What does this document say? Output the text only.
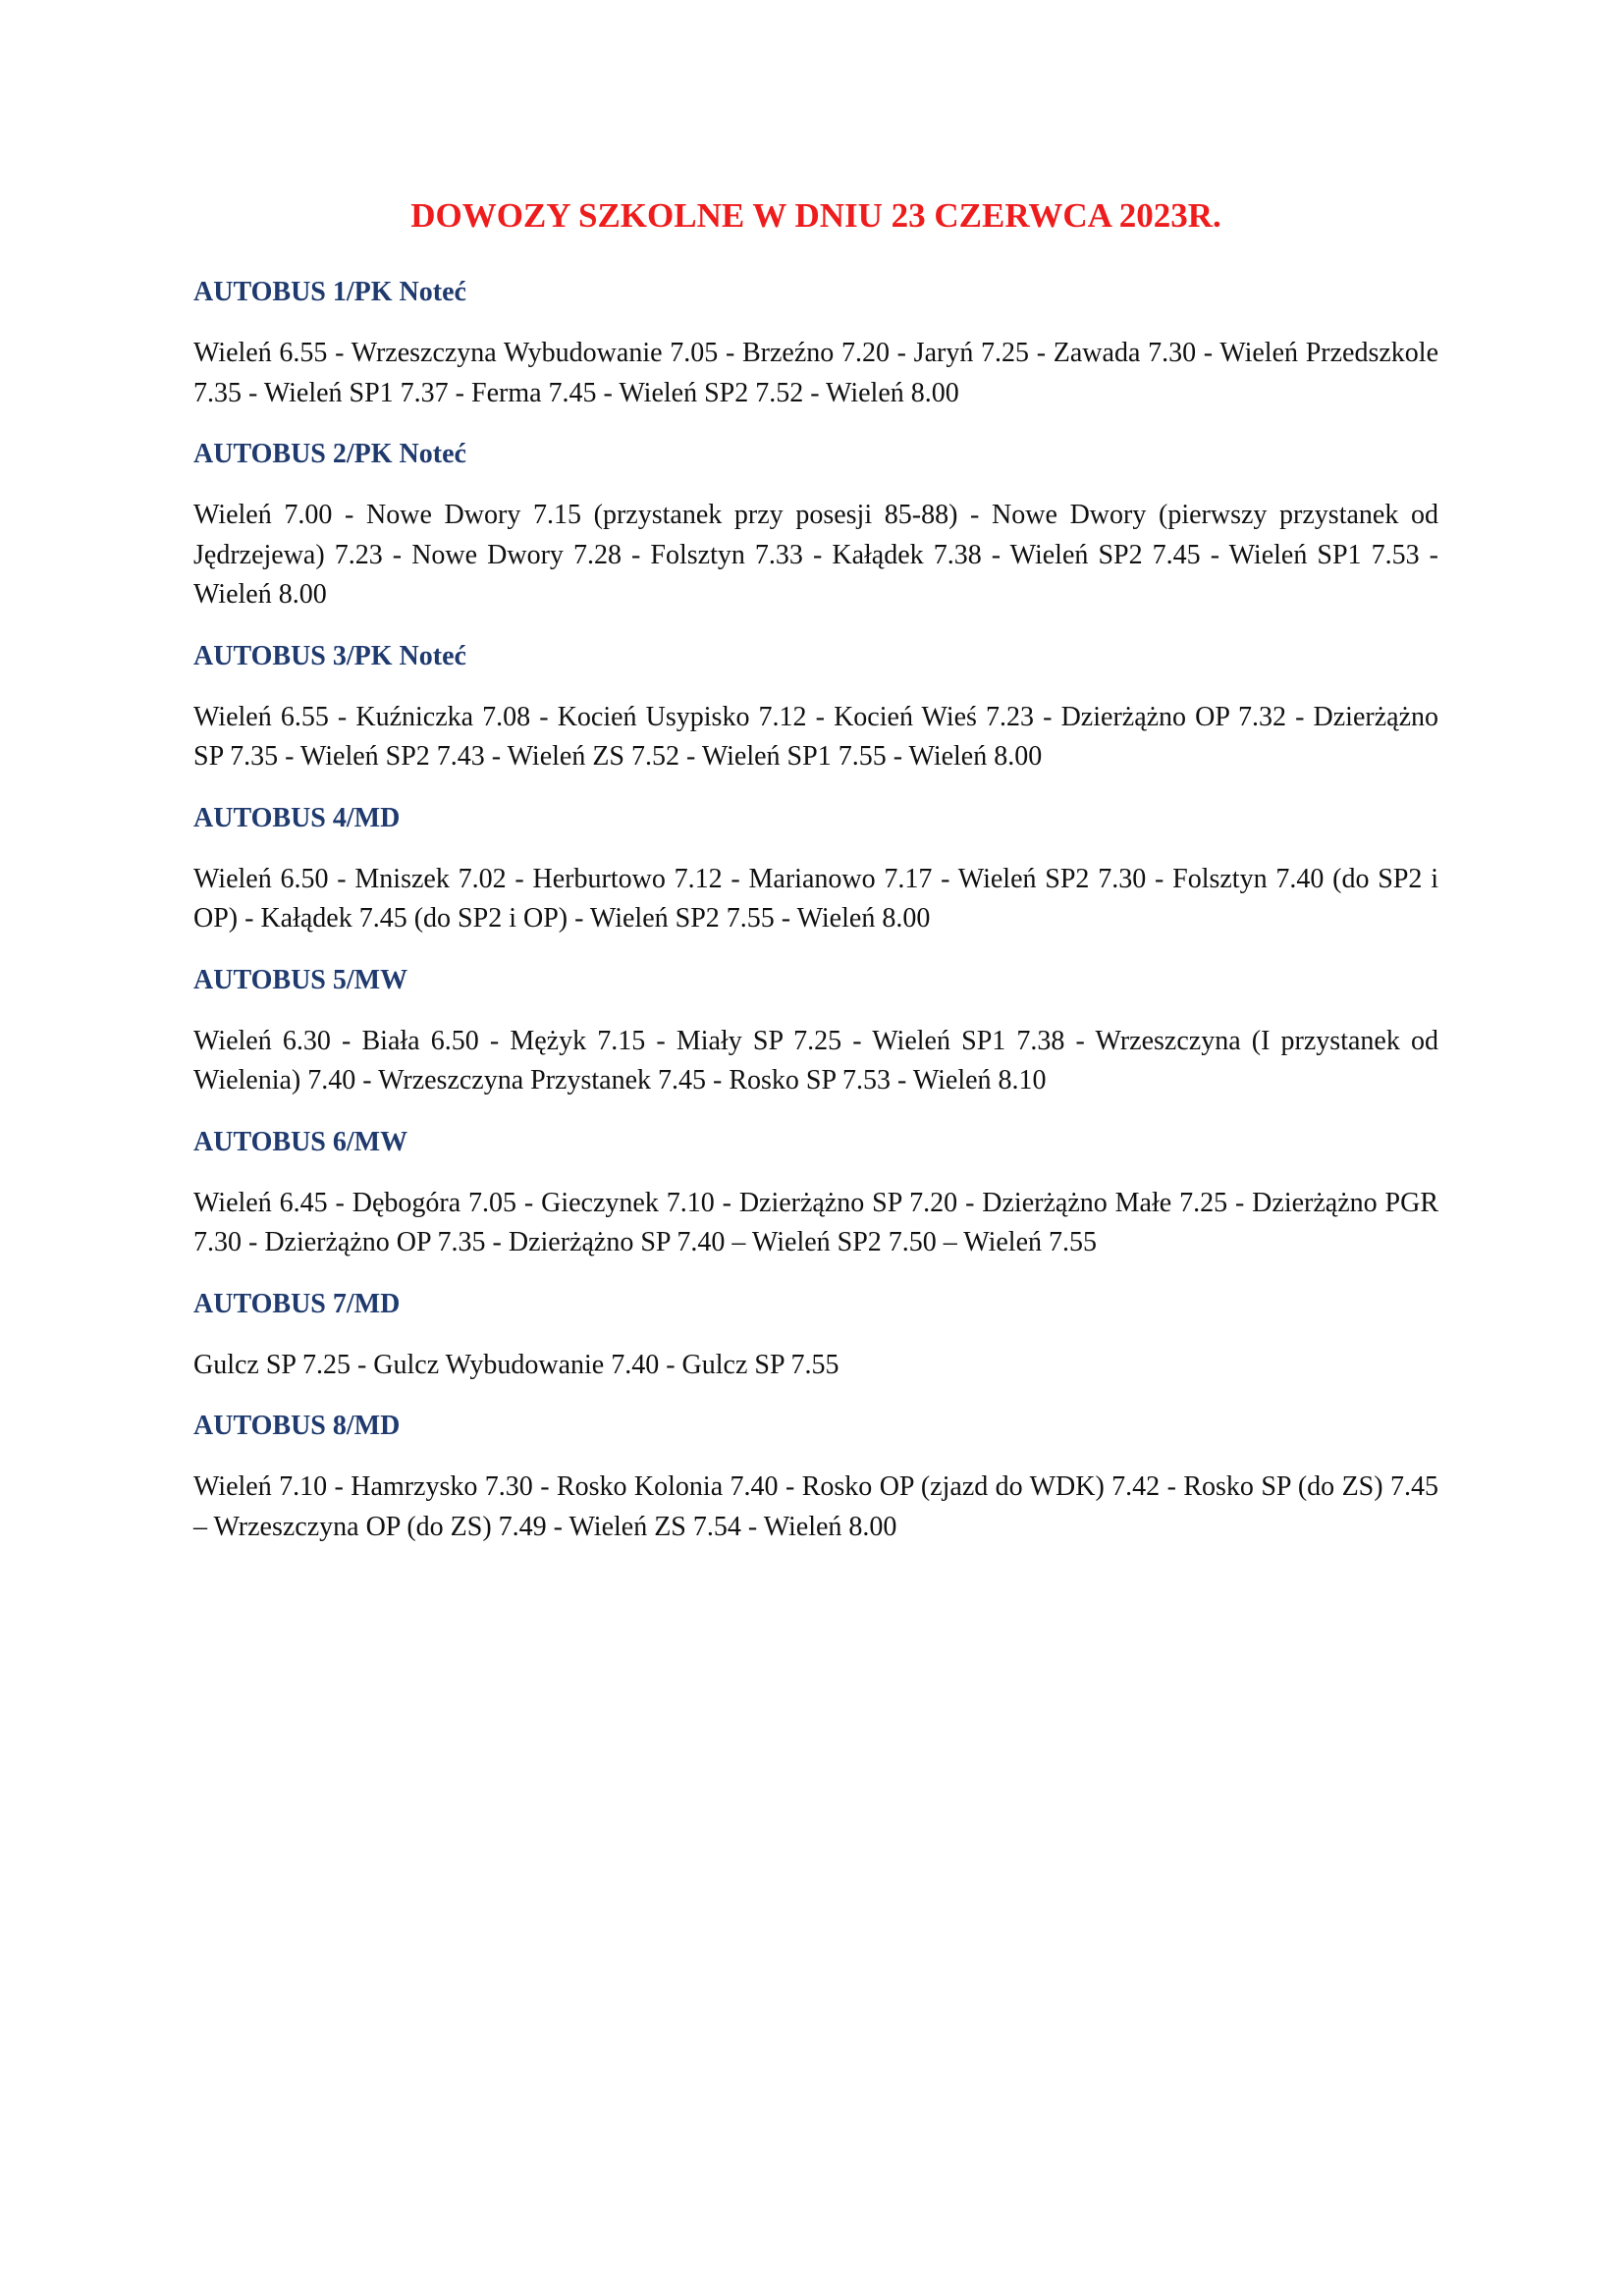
DOWOZY SZKOLNE W DNIU 23 CZERWCA 2023R.
AUTOBUS 1/PK Noteć

Wieleń 6.55 - Wrzeszczyna Wybudowanie 7.05 - Brzeźno 7.20 - Jaryń 7.25 - Zawada 7.30 - Wieleń Przedszkole 7.35 - Wieleń SP1 7.37 - Ferma 7.45 - Wieleń SP2 7.52 - Wieleń 8.00

AUTOBUS 2/PK Noteć

Wieleń 7.00 - Nowe Dwory 7.15 (przystanek przy posesji 85-88) - Nowe Dwory (pierwszy przystanek od Jędrzejewa) 7.23 - Nowe Dwory 7.28 - Folsztyn 7.33 - Kałądek 7.38 - Wieleń SP2 7.45 - Wieleń SP1 7.53 - Wieleń 8.00

AUTOBUS 3/PK Noteć

Wieleń 6.55 - Kuźniczka 7.08 - Kocień Usypisko 7.12 - Kocień Wieś 7.23 - Dzierżążno OP 7.32 - Dzierżążno SP 7.35 - Wieleń SP2 7.43 - Wieleń ZS 7.52 - Wieleń SP1 7.55 - Wieleń 8.00

AUTOBUS 4/MD

Wieleń 6.50 - Mniszek 7.02 - Herburtowo 7.12 - Marianowo 7.17 - Wieleń SP2 7.30 - Folsztyn 7.40 (do SP2 i OP) - Kałądek 7.45 (do SP2 i OP) - Wieleń SP2 7.55 - Wieleń 8.00

AUTOBUS 5/MW

Wieleń 6.30 - Biała 6.50 - Mężyk 7.15 - Miały SP 7.25 - Wieleń SP1 7.38 - Wrzeszczyna (I przystanek od Wielenia) 7.40 - Wrzeszczyna Przystanek 7.45 - Rosko SP 7.53 - Wieleń 8.10

AUTOBUS 6/MW

Wieleń 6.45 - Dębogóra 7.05 - Gieczynek 7.10 - Dzierżążno SP 7.20 - Dzierżążno Małe 7.25 - Dzierżążno PGR 7.30 - Dzierżążno OP 7.35 - Dzierżążno SP 7.40 – Wieleń SP2 7.50 – Wieleń 7.55

AUTOBUS 7/MD

Gulcz SP 7.25 - Gulcz Wybudowanie 7.40 - Gulcz SP 7.55

AUTOBUS 8/MD

Wieleń 7.10 - Hamrzysko 7.30 - Rosko Kolonia 7.40 - Rosko OP (zjazd do WDK) 7.42 - Rosko SP (do ZS) 7.45 – Wrzeszczyna OP (do ZS) 7.49 - Wieleń ZS 7.54 - Wieleń 8.00
